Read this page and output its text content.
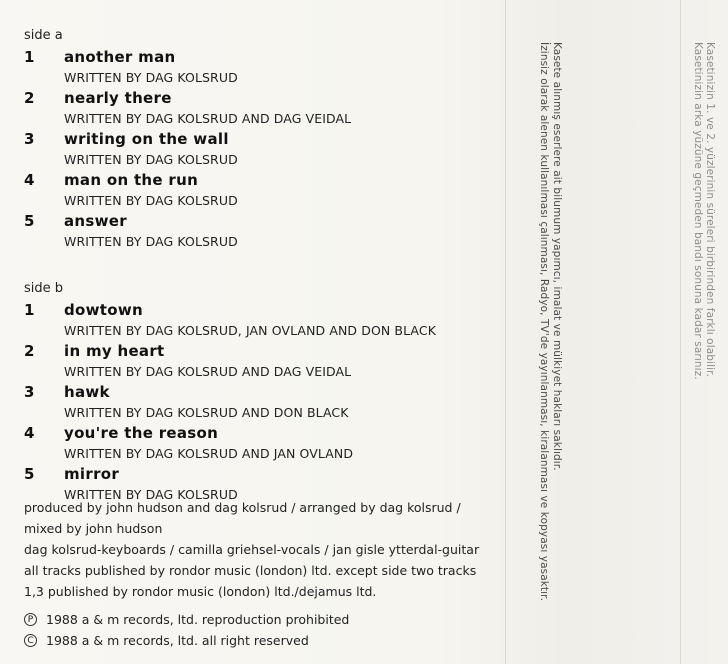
side a
1 another man
WRITTEN BY DAG KOLSRUD
2 nearly there
WRITTEN BY DAG KOLSRUD AND DAG VEIDAL
3 writing on the wall
WRITTEN BY DAG KOLSRUD
4 man on the run
WRITTEN BY DAG KOLSRUD
5 answer
WRITTEN BY DAG KOLSRUD
side b
1 dowtown
WRITTEN BY DAG KOLSRUD, JAN OVLAND AND DON BLACK
2 in my heart
WRITTEN BY DAG KOLSRUD AND DAG VEIDAL
3 hawk
WRITTEN BY DAG KOLSRUD AND DON BLACK
4 you're the reason
WRITTEN BY DAG KOLSRUD AND JAN OVLAND
5 mirror
WRITTEN BY DAG KOLSRUD
produced by john hudson and dag kolsrud / arranged by dag kolsrud /
mixed by john hudson
dag kolsrud-keyboards / camilla griehsel-vocals / jan gisle ytterdal-guitar
all tracks published by rondor music (london) ltd. except side two tracks
1,3 published by rondor music (london) ltd./dejamus ltd.
P	1988 a & m records, ltd. reproduction prohibited
C 1988 a & m records, ltd. all right reserved
Kasete alınmış eserlere ait bilumum yapımcı, imalat ve mülkiyet hakları saklıdır.
İzinsiz olarak alenen kullanılması çalınması, Radyo, TV'de yayınlanması, kiralanması ve kopyası yasaktır.	Kasetinizin 1. ve 2. yüzlerinin süreleri birbirinden farklı olabilir.
Kasetinizin arka yüzüne geçmeden bandı sonuna kadar sarınız.
